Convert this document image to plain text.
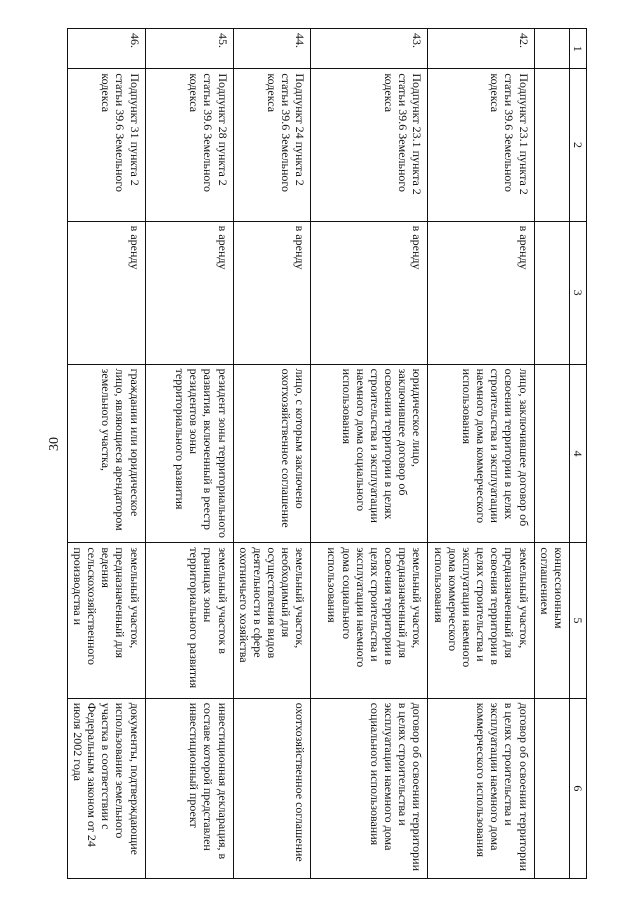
30
1	2	3	4	5	6
				концессионным соглашением	
42.	Подпункт 23.1 пункта 2 статьи 39.6 Земельного кодекса	в аренду	лицо, заключившее договор об освоении территории в целях строительства и эксплуатации наемного дома коммерческого использования	земельный участок, предназначенный для освоения территории в целях строительства и эксплуатации наемного дома коммерческого использования	договор об освоении территории в целях строительства и эксплуатации наемного дома коммерческого использования
43.	Подпункт 23.1 пункта 2 статьи 39.6 Земельного кодекса	в аренду	юридическое лицо, заключившее договор об освоении территории в целях строительства и эксплуатации наемного дома социального использования	земельный участок, предназначенный для освоения территории в целях строительства и эксплуатации наемного дома социального использования	договор об освоении территории в целях строительства и эксплуатации наемного дома социального использования
44.	Подпункт 24 пункта 2 статьи 39.6 Земельного кодекса	в аренду	лицо, с которым заключено охотхозяйственное соглашение	земельный участок, необходимый для осуществления видов деятельности в сфере охотничьего хозяйства	охотхозяйственное соглашение
45.	Подпункт 28 пункта 2 статьи 39.6 Земельного кодекса	в аренду	резидент зоны территориального развития, включенный в реестр резидентов зоны территориального развития	земельный участок в границах зоны территориального развития	инвестиционная декларация, в составе которой представлен инвестиционный проект
46.	Подпункт 31 пункта 2 статьи 39.6 Земельного кодекса	в аренду	граждании или юридическое лицо, являющиеся арендатором земельного участка,	земельный участок, предназначенный для ведения сельскохозяйственного производства и	документы, подтверждающие использование земельного участка в соответствии с Федеральным законом от 24 июля 2002 года
